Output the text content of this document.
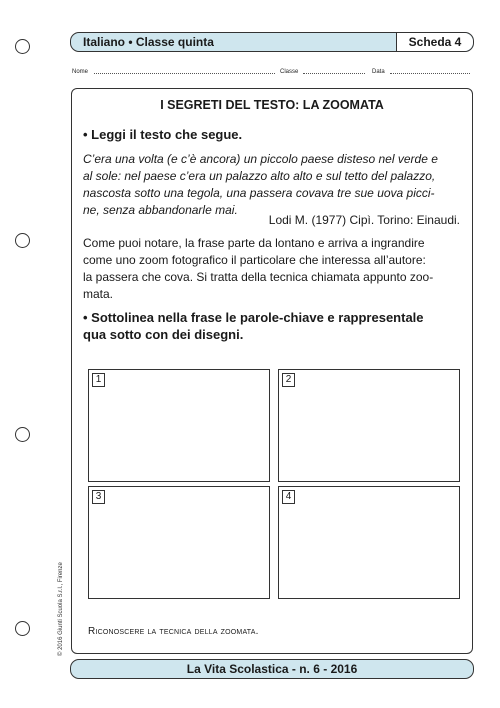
Italiano • Classe quinta	Scheda 4
Nome	Classe	Data
I SEGRETI DEL TESTO: LA ZOOMATA
• Leggi il testo che segue.
C’era una volta (e c’è ancora) un piccolo paese disteso nel verde e
al sole: nel paese c’era un palazzo alto alto e sul tetto del palazzo,
nascosta sotto una tegola, una passera covava tre sue uova picci-
ne, senza abbandonarle mai.
Lodi M. (1977) Cipì. Torino: Einaudi.
Come puoi notare, la frase parte da lontano e arriva a ingrandire
come uno zoom fotografico il particolare che interessa all’autore:
la passera che cova. Si tratta della tecnica chiamata appunto zoo-
mata.
• Sottolinea nella frase le parole-chiave e rappresentale
qua sotto con dei disegni.
1	2
3	4
Riconoscere la tecnica della zoomata.
© 2016 Giunti Scuola S.r.l., Firenze
La Vita Scolastica - n. 6 - 2016
